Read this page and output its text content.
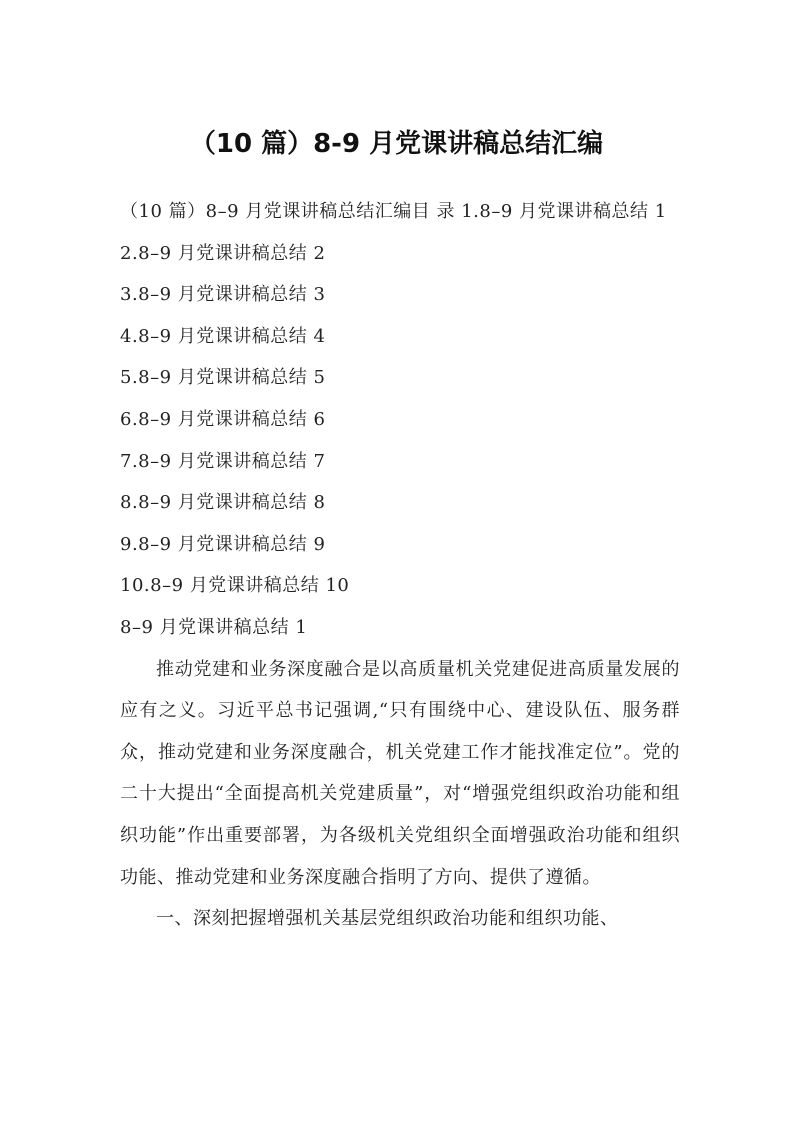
（10 篇）8-9 月党课讲稿总结汇编
（10 篇）8–9 月党课讲稿总结汇编目 录 1.8–9 月党课讲稿总结 1
2.8–9 月党课讲稿总结 2
3.8–9 月党课讲稿总结 3
4.8–9 月党课讲稿总结 4
5.8–9 月党课讲稿总结 5
6.8–9 月党课讲稿总结 6
7.8–9 月党课讲稿总结 7
8.8–9 月党课讲稿总结 8
9.8–9 月党课讲稿总结 9
10.8–9 月党课讲稿总结 10
8–9 月党课讲稿总结 1

推动党建和业务深度融合是以高质量机关党建促进高质量发展的应有之义。习近平总书记强调,“只有围绕中心、建设队伍、服务群众，推动党建和业务深度融合，机关党建工作才能找准定位”。党的二十大提出“全面提高机关党建质量”，对“增强党组织政治功能和组织功能”作出重要部署，为各级机关党组织全面增强政治功能和组织功能、推动党建和业务深度融合指明了方向、提供了遵循。

一、深刻把握增强机关基层党组织政治功能和组织功能、
